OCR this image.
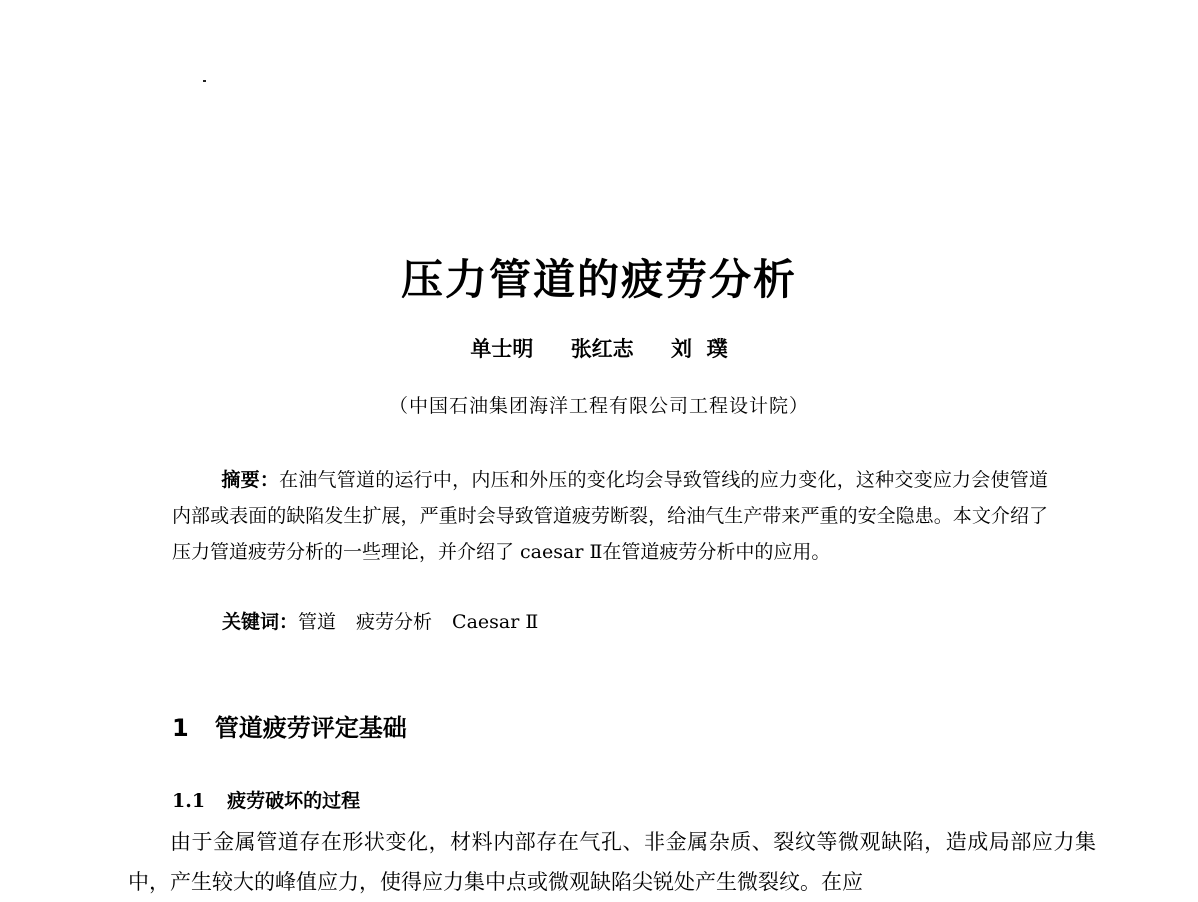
压力管道的疲劳分析
单士明 张红志 刘  璞
（中国石油集团海洋工程有限公司工程设计院）
摘要：在油气管道的运行中，内压和外压的变化均会导致管线的应力变化，这种交变应力会使管道内部或表面的缺陷发生扩展，严重时会导致管道疲劳断裂，给油气生产带来严重的安全隐患。本文介绍了压力管道疲劳分析的一些理论，并介绍了 caesar Ⅱ在管道疲劳分析中的应用。
关键词：管道 疲劳分析 Caesar Ⅱ
1 管道疲劳评定基础
1.1 疲劳破坏的过程

由于金属管道存在形状变化，材料内部存在气孔、非金属杂质、裂纹等微观缺陷，造成局部应力集中，产生较大的峰值应力，使得应力集中点或微观缺陷尖锐处产生微裂纹。在应
